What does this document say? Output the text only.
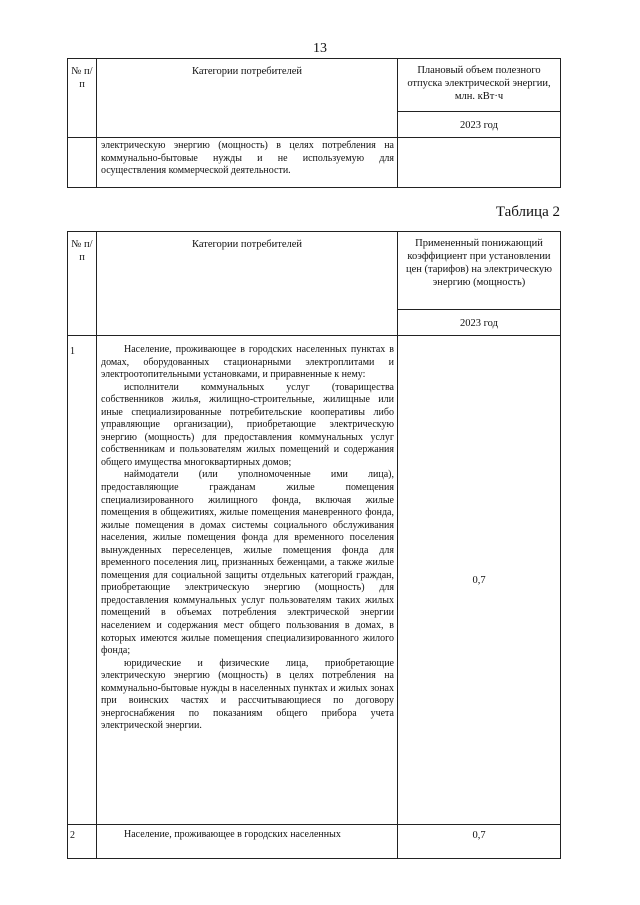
13
№ п/п	Категории потребителей	Плановый объем полезного отпуска электрической энергии, млн. кВт·ч
		2023 год
	электрическую энергию (мощность) в целях потребления на коммунально-бытовые нужды и не используемую для осуществления коммерческой деятельности.	
Таблица 2
№ п/п	Категории потребителей	Примененный понижающий коэффициент при установлении цен (тарифов) на электрическую энергию (мощность)
		2023 год
1	Население, проживающее в городских населенных пунктах в домах, оборудованных стационарными электроплитами и электроотопительными установками, и приравненные к нему:

исполнители коммунальных услуг (товарищества собственников жилья, жилищно-строительные, жилищные или иные специализированные потребительские кооперативы либо управляющие организации), приобретающие электрическую энергию (мощность) для предоставления коммунальных услуг собственникам и пользователям жилых помещений и содержания общего имущества многоквартирных домов;

наймодатели (или уполномоченные ими лица), предоставляющие гражданам жилые помещения специализированного жилищного фонда, включая жилые помещения в общежитиях, жилые помещения маневренного фонда, жилые помещения в домах системы социального обслуживания населения, жилые помещения фонда для временного поселения вынужденных переселенцев, жилые помещения фонда для временного поселения лиц, признанных беженцами, а также жилые помещения для социальной защиты отдельных категорий граждан, приобретающие электрическую энергию (мощность) для предоставления коммунальных услуг пользователям таких жилых помещений в объемах потребления электрической энергии населением и содержания мест общего пользования в домах, в которых имеются жилые помещения специализированного жилого фонда;

юридические и физические лица, приобретающие электрическую энергию (мощность) в целях потребления на коммунально-бытовые нужды в населенных пунктах и жилых зонах при воинских частях и рассчитывающиеся по договору энергоснабжения по показаниям общего прибора учета электрической энергии.	0,7
2	Население, проживающее в городских населенных	0,7
